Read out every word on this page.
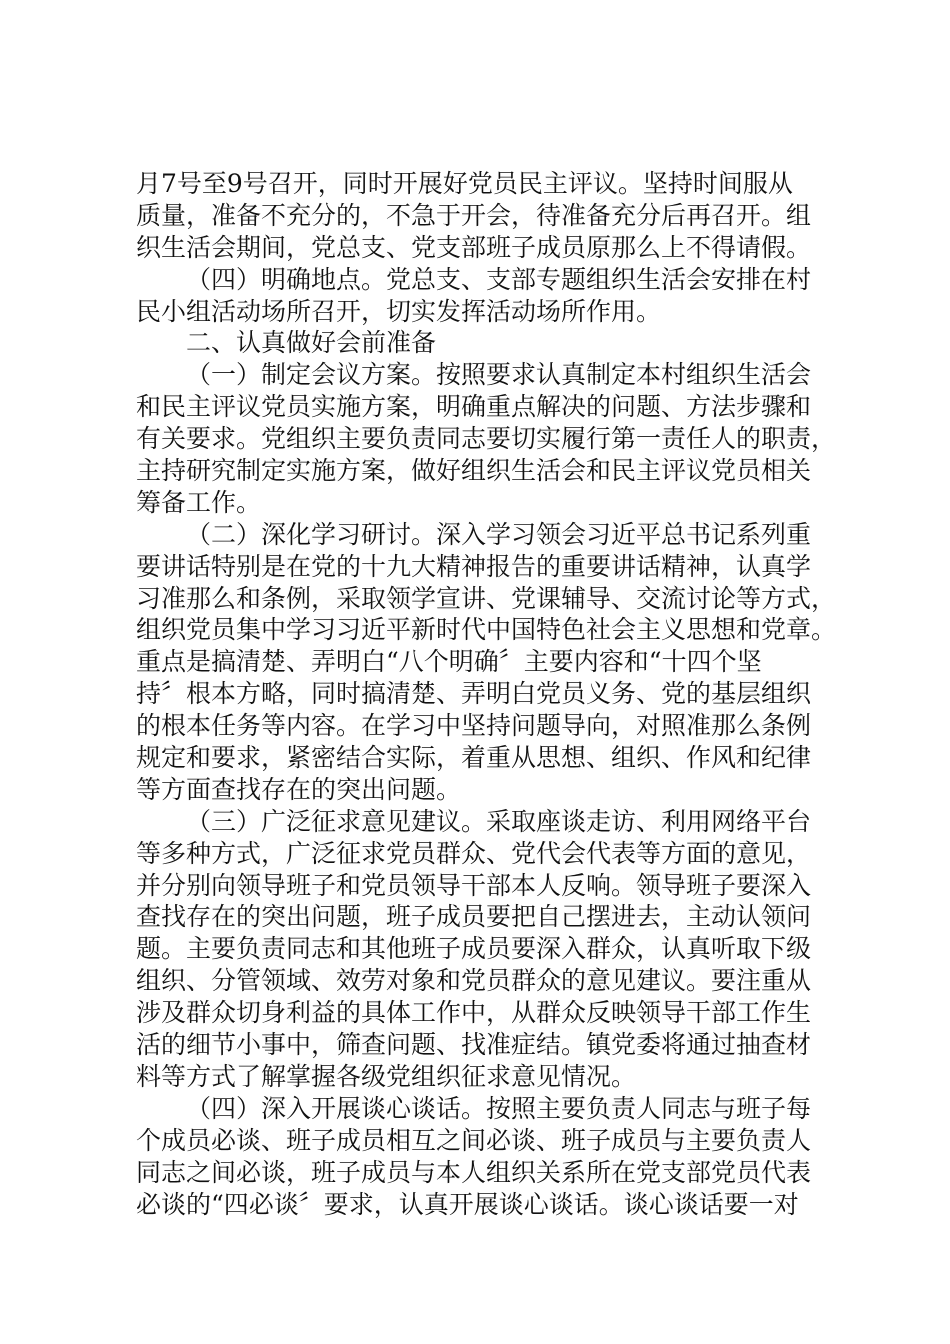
月7号至9号召开，同时开展好党员民主评议。坚持时间服从
质量，准备不充分的，不急于开会，待准备充分后再召开。组
织生活会期间，党总支、党支部班子成员原那么上不得请假。
（四）明确地点。党总支、支部专题组织生活会安排在村
民小组活动场所召开，切实发挥活动场所作用。
二、认真做好会前准备
（一）制定会议方案。按照要求认真制定本村组织生活会
和民主评议党员实施方案，明确重点解决的问题、方法步骤和
有关要求。党组织主要负责同志要切实履行第一责任人的职责，
主持研究制定实施方案，做好组织生活会和民主评议党员相关
筹备工作。
（二）深化学习研讨。深入学习领会习近平总书记系列重
要讲话特别是在党的十九大精神报告的重要讲话精神，认真学
习准那么和条例，采取领学宣讲、党课辅导、交流讨论等方式，
组织党员集中学习习近平新时代中国特色社会主义思想和党章。
重点是搞清楚、弄明白“八个明确〞主要内容和“十四个坚
持〞根本方略，同时搞清楚、弄明白党员义务、党的基层组织
的根本任务等内容。在学习中坚持问题导向，对照准那么条例
规定和要求，紧密结合实际，着重从思想、组织、作风和纪律
等方面查找存在的突出问题。
（三）广泛征求意见建议。采取座谈走访、利用网络平台
等多种方式，广泛征求党员群众、党代会代表等方面的意见，
并分别向领导班子和党员领导干部本人反响。领导班子要深入
查找存在的突出问题，班子成员要把自己摆进去，主动认领问
题。主要负责同志和其他班子成员要深入群众，认真听取下级
组织、分管领域、效劳对象和党员群众的意见建议。要注重从
涉及群众切身利益的具体工作中，从群众反映领导干部工作生
活的细节小事中，筛查问题、找准症结。镇党委将通过抽查材
料等方式了解掌握各级党组织征求意见情况。
（四）深入开展谈心谈话。按照主要负责人同志与班子每
个成员必谈、班子成员相互之间必谈、班子成员与主要负责人
同志之间必谈，班子成员与本人组织关系所在党支部党员代表
必谈的“四必谈〞要求，认真开展谈心谈话。谈心谈话要一对
